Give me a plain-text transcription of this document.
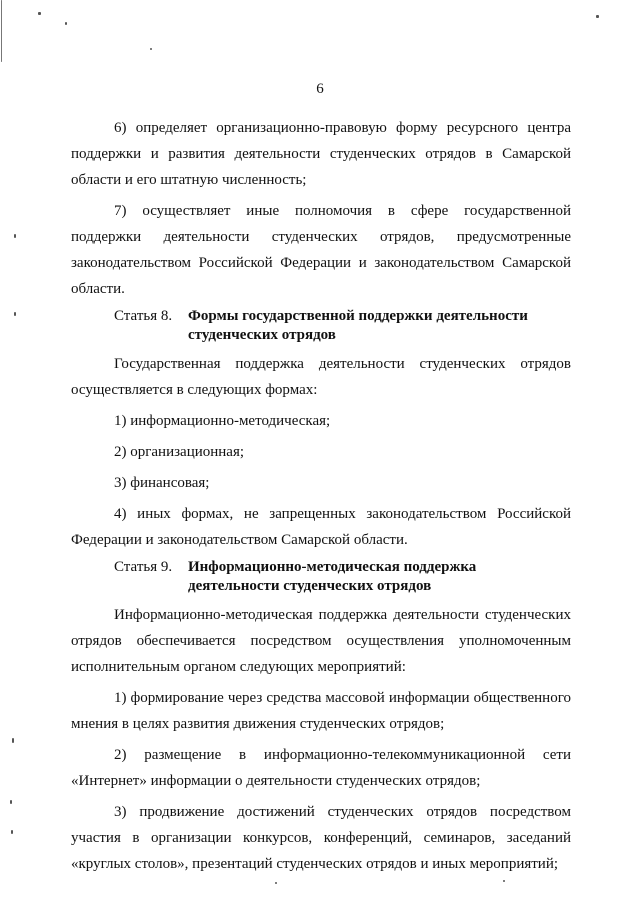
6

6) определяет организационно-правовую форму ресурсного центра поддержки и развития деятельности студенческих отрядов в Самарской области и его штатную численность;

7) осуществляет иные полномочия в сфере государственной поддержки деятельности студенческих отрядов, предусмотренные законодательством Российской Федерации и законодательством Самарской области.

Статья 8.	Формы государственной поддержки деятельности студенческих отрядов

Государственная поддержка деятельности студенческих отрядов осуществляется в следующих формах:

1) информационно-методическая;

2) организационная;

3) финансовая;

4) иных формах, не запрещенных законодательством Российской Федерации и законодательством Самарской области.

Статья 9.	Информационно-методическая поддержка деятельности студенческих отрядов

Информационно-методическая поддержка деятельности студенческих отрядов обеспечивается посредством осуществления уполномоченным исполнительным органом следующих мероприятий:

1) формирование через средства массовой информации общественного мнения в целях развития движения студенческих отрядов;

2) размещение в информационно-телекоммуникационной сети «Интернет» информации о деятельности студенческих отрядов;

3) продвижение достижений студенческих отрядов посредством участия в организации конкурсов, конференций, семинаров, заседаний «круглых столов», презентаций студенческих отрядов и иных мероприятий;
